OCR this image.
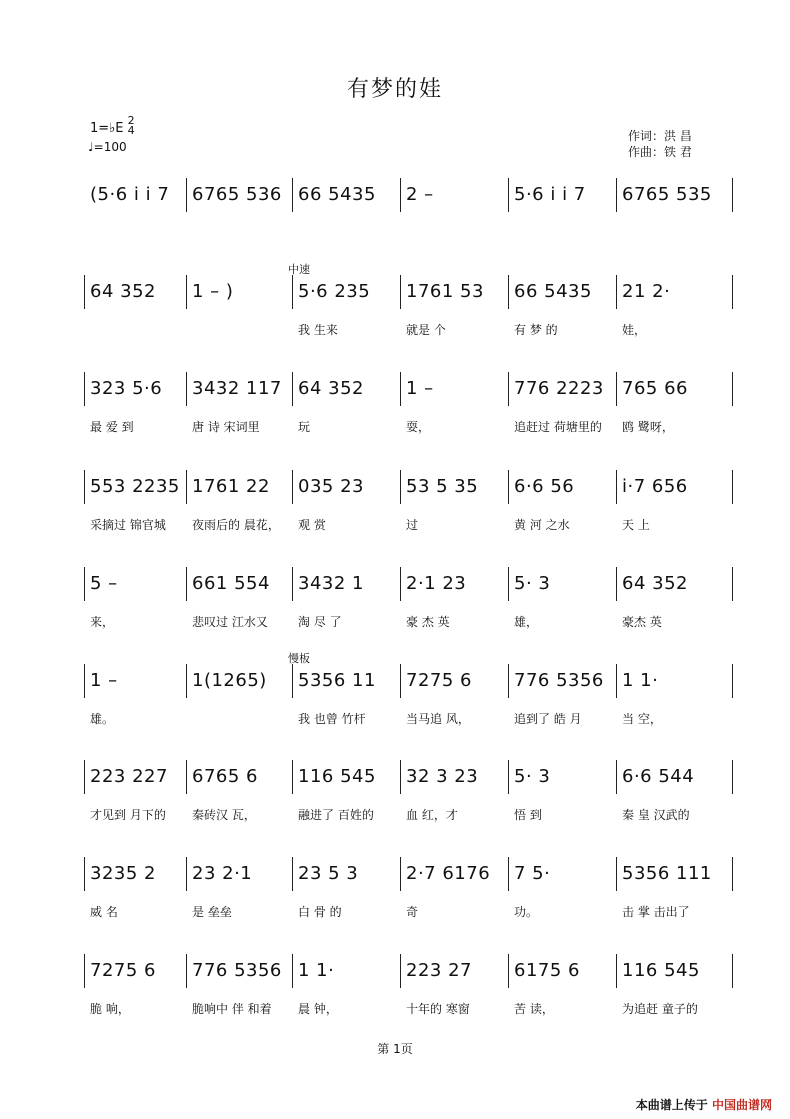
有梦的娃
1=♭E 2
4
♩=100
作词：洪 昌
作曲：铁 君
(5·6 i i 7 6765 536 66 5435 2 –	5·6 i i 7 6765 535
64 352 1 – )	5·6 235
我 生来
1761 53
就是 个
66 5435
有 梦 的
21 2·
娃，
中速
323 5·6
最 爱 到
3432 117
唐 诗 宋词里
64 352
玩
1 –
耍，
776 2223
追赶过 荷塘里的
765 66
鸥 鹭呀，
553 2235
采摘过 锦官城
1761 22
夜雨后的 晨花，
035 23
观 赏
53 5 35
过
6·6 56
黄 河 之水
i·7 656
天 上
5 –
来，
661 554
悲叹过 江水又
3432 1
淘 尽 了
2·1 23
豪 杰 英
5· 3
雄，
64 352
豪杰 英
1 –
雄。
1(1265) 5356 11
我 也曾 竹杆
7275 6
当马追 风，
776 5356
追到了 皓 月
1 1·
当 空，
慢板
223 227
才见到 月下的
6765 6
秦砖汉 瓦，
116 545
融进了 百姓的
32 3 23
血 红，才
5· 3
悟 到
6·6 544
秦 皇 汉武的
3235 2
威 名
23 2·1
是 垒垒
23 5 3
白 骨 的
2·7 6176
奇
7 5·
功。
5356 111
击 掌 击出了
7275 6
脆 响，
776 5356
脆响中 伴 和着
1 1·
晨 钟，
223 27
十年的 寒窗
6175 6
苦 读，
116 545
为追赶 童子的
第 1页
本曲谱上传于 中国曲谱网
